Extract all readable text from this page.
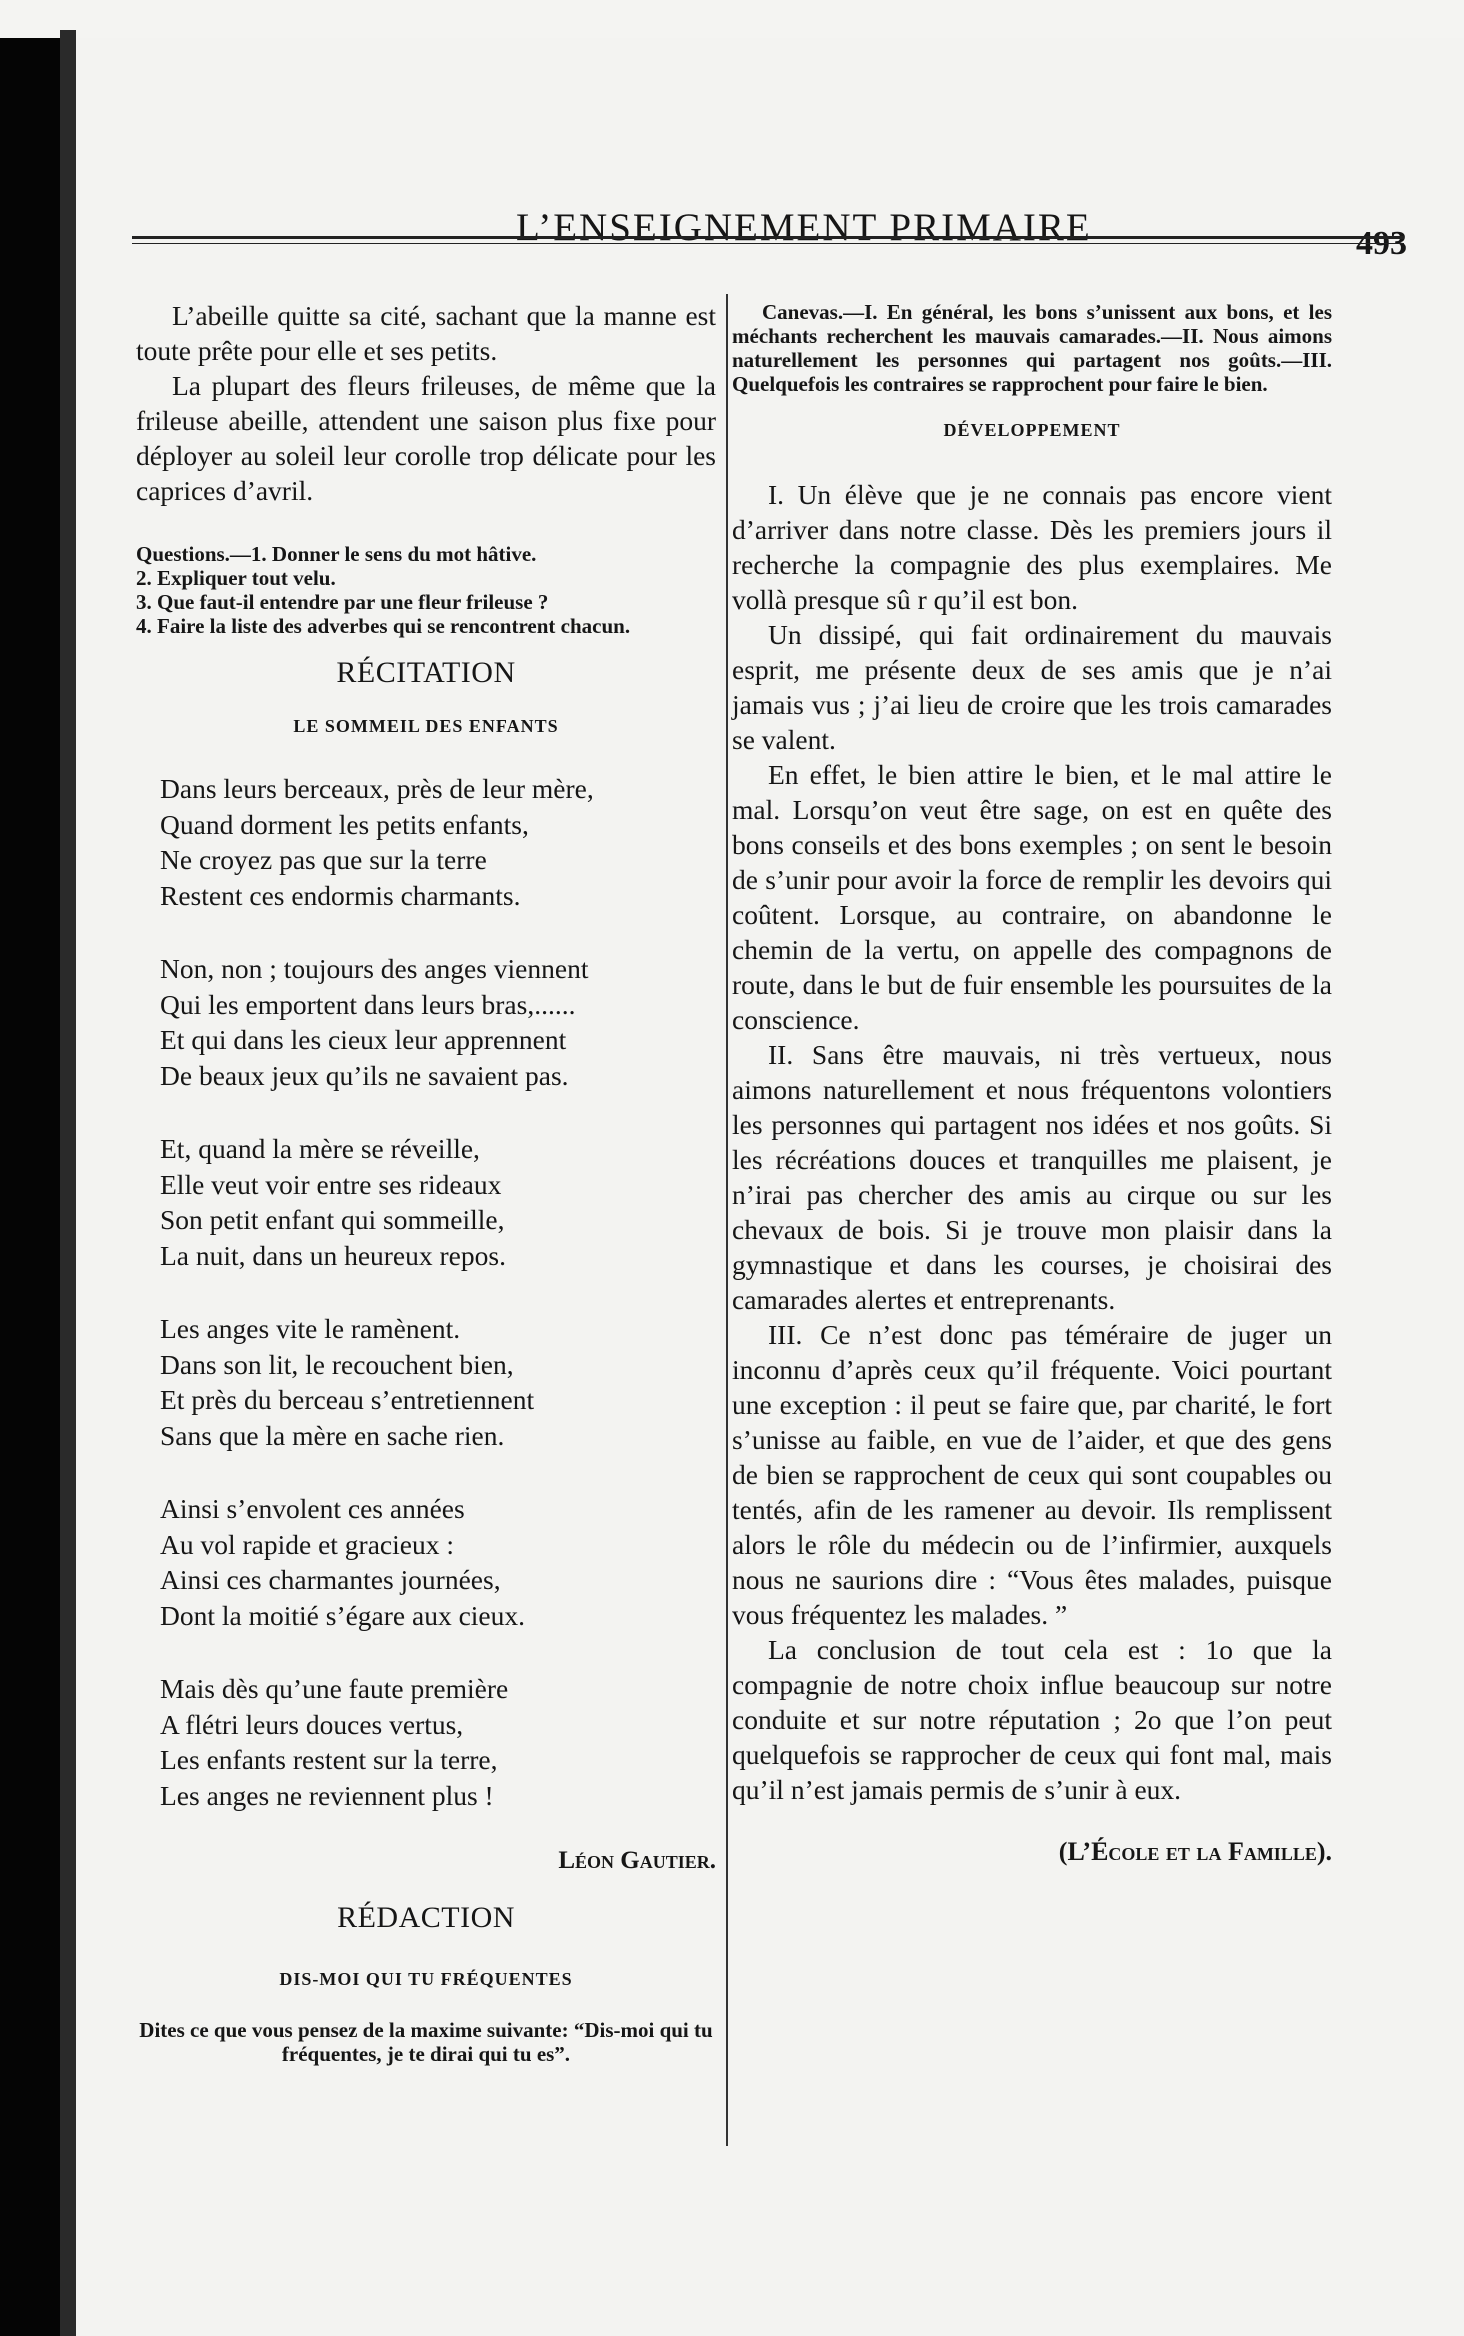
L’ENSEIGNEMENT PRIMAIRE	493

L’abeille quitte sa cité, sachant que la manne est toute prête pour elle et ses petits.

La plupart des fleurs frileuses, de même que la frileuse abeille, attendent une saison plus fixe pour déployer au soleil leur corolle trop délicate pour les caprices d’avril.

Questions.—1. Donner le sens du mot hâtive.

2. Expliquer tout velu.

3. Que faut-il entendre par une fleur frileuse ?

4. Faire la liste des adverbes qui se rencontrent chacun.

RÉCITATION

LE SOMMEIL DES ENFANTS

Dans leurs berceaux, près de leur mère,

Quand dorment les petits enfants,

Ne croyez pas que sur la terre

Restent ces endormis charmants.

Non, non ; toujours des anges viennent

Qui les emportent dans leurs bras,......

Et qui dans les cieux leur apprennent

De beaux jeux qu’ils ne savaient pas.

Et, quand la mère se réveille,

Elle veut voir entre ses rideaux

Son petit enfant qui sommeille,

La nuit, dans un heureux repos.

Les anges vite le ramènent.

Dans son lit, le recouchent bien,

Et près du berceau s’entretiennent

Sans que la mère en sache rien.

Ainsi s’envolent ces années

Au vol rapide et gracieux :

Ainsi ces charmantes journées,

Dont la moitié s’égare aux cieux.

Mais dès qu’une faute première

A flétri leurs douces vertus,

Les enfants restent sur la terre,

Les anges ne reviennent plus !

Léon Gautier.

RÉDACTION

DIS-MOI QUI TU FRÉQUENTES

Dites ce que vous pensez de la maxime suivante: “Dis-moi qui tu fréquentes, je te dirai qui tu es”.

Canevas.—I. En général, les bons s’unissent aux bons, et les méchants recherchent les mauvais camarades.—II. Nous aimons naturellement les personnes qui partagent nos goûts.—III. Quelquefois les contraires se rapprochent pour faire le bien.

DÉVELOPPEMENT

I. Un élève que je ne connais pas encore vient d’arriver dans notre classe. Dès les premiers jours il recherche la compagnie des plus exemplaires. Me vollà presque sû r qu’il est bon.

Un dissipé, qui fait ordinairement du mauvais esprit, me présente deux de ses amis que je n’ai jamais vus ; j’ai lieu de croire que les trois camarades se valent.

En effet, le bien attire le bien, et le mal attire le mal. Lorsqu’on veut être sage, on est en quête des bons conseils et des bons exemples ; on sent le besoin de s’unir pour avoir la force de remplir les devoirs qui coûtent. Lorsque, au contraire, on abandonne le chemin de la vertu, on appelle des compagnons de route, dans le but de fuir ensemble les poursuites de la conscience.

II. Sans être mauvais, ni très vertueux, nous aimons naturellement et nous fréquentons volontiers les personnes qui partagent nos idées et nos goûts. Si les récréations douces et tranquilles me plaisent, je n’irai pas chercher des amis au cirque ou sur les chevaux de bois. Si je trouve mon plaisir dans la gymnastique et dans les courses, je choisirai des camarades alertes et entreprenants.

III. Ce n’est donc pas téméraire de juger un inconnu d’après ceux qu’il fréquente. Voici pourtant une exception : il peut se faire que, par charité, le fort s’unisse au faible, en vue de l’aider, et que des gens de bien se rapprochent de ceux qui sont coupables ou tentés, afin de les ramener au devoir. Ils remplissent alors le rôle du médecin ou de l’infirmier, auxquels nous ne saurions dire : “Vous êtes malades, puisque vous fréquentez les malades. ”

La conclusion de tout cela est : 1o que la compagnie de notre choix influe beaucoup sur notre conduite et sur notre réputation ; 2o que l’on peut quelquefois se rapprocher de ceux qui font mal, mais qu’il n’est jamais permis de s’unir à eux.

(L’École et la Famille).
